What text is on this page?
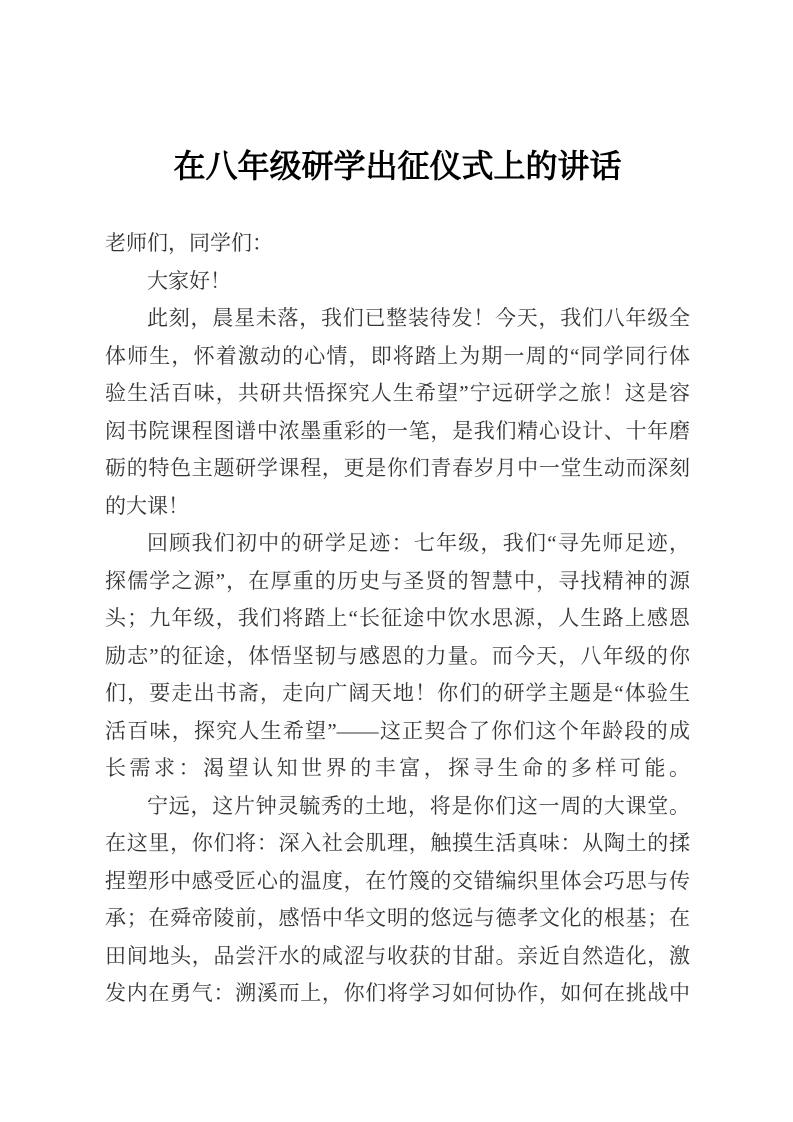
在八年级研学出征仪式上的讲话
老师们，同学们：
大家好！
此刻，晨星未落，我们已整装待发！今天，我们八年级全
体师生，怀着激动的心情，即将踏上为期一周的“同学同行体
验生活百味，共研共悟探究人生希望”宁远研学之旅！这是容
闳书院课程图谱中浓墨重彩的一笔，是我们精心设计、十年磨
砺的特色主题研学课程，更是你们青春岁月中一堂生动而深刻
的大课！
回顾我们初中的研学足迹：七年级，我们“寻先师足迹，
探儒学之源”，在厚重的历史与圣贤的智慧中，寻找精神的源
头；九年级，我们将踏上“长征途中饮水思源，人生路上感恩
励志”的征途，体悟坚韧与感恩的力量。而今天，八年级的你
们，要走出书斋，走向广阔天地！你们的研学主题是“体验生
活百味，探究人生希望”——这正契合了你们这个年龄段的成
长需求：渴望认知世界的丰富，探寻生命的多样可能。
宁远，这片钟灵毓秀的土地，将是你们这一周的大课堂。
在这里，你们将：深入社会肌理，触摸生活真味：从陶土的揉
捏塑形中感受匠心的温度，在竹篾的交错编织里体会巧思与传
承；在舜帝陵前，感悟中华文明的悠远与德孝文化的根基；在
田间地头，品尝汗水的咸涩与收获的甘甜。亲近自然造化，激
发内在勇气：溯溪而上，你们将学习如何协作，如何在挑战中
